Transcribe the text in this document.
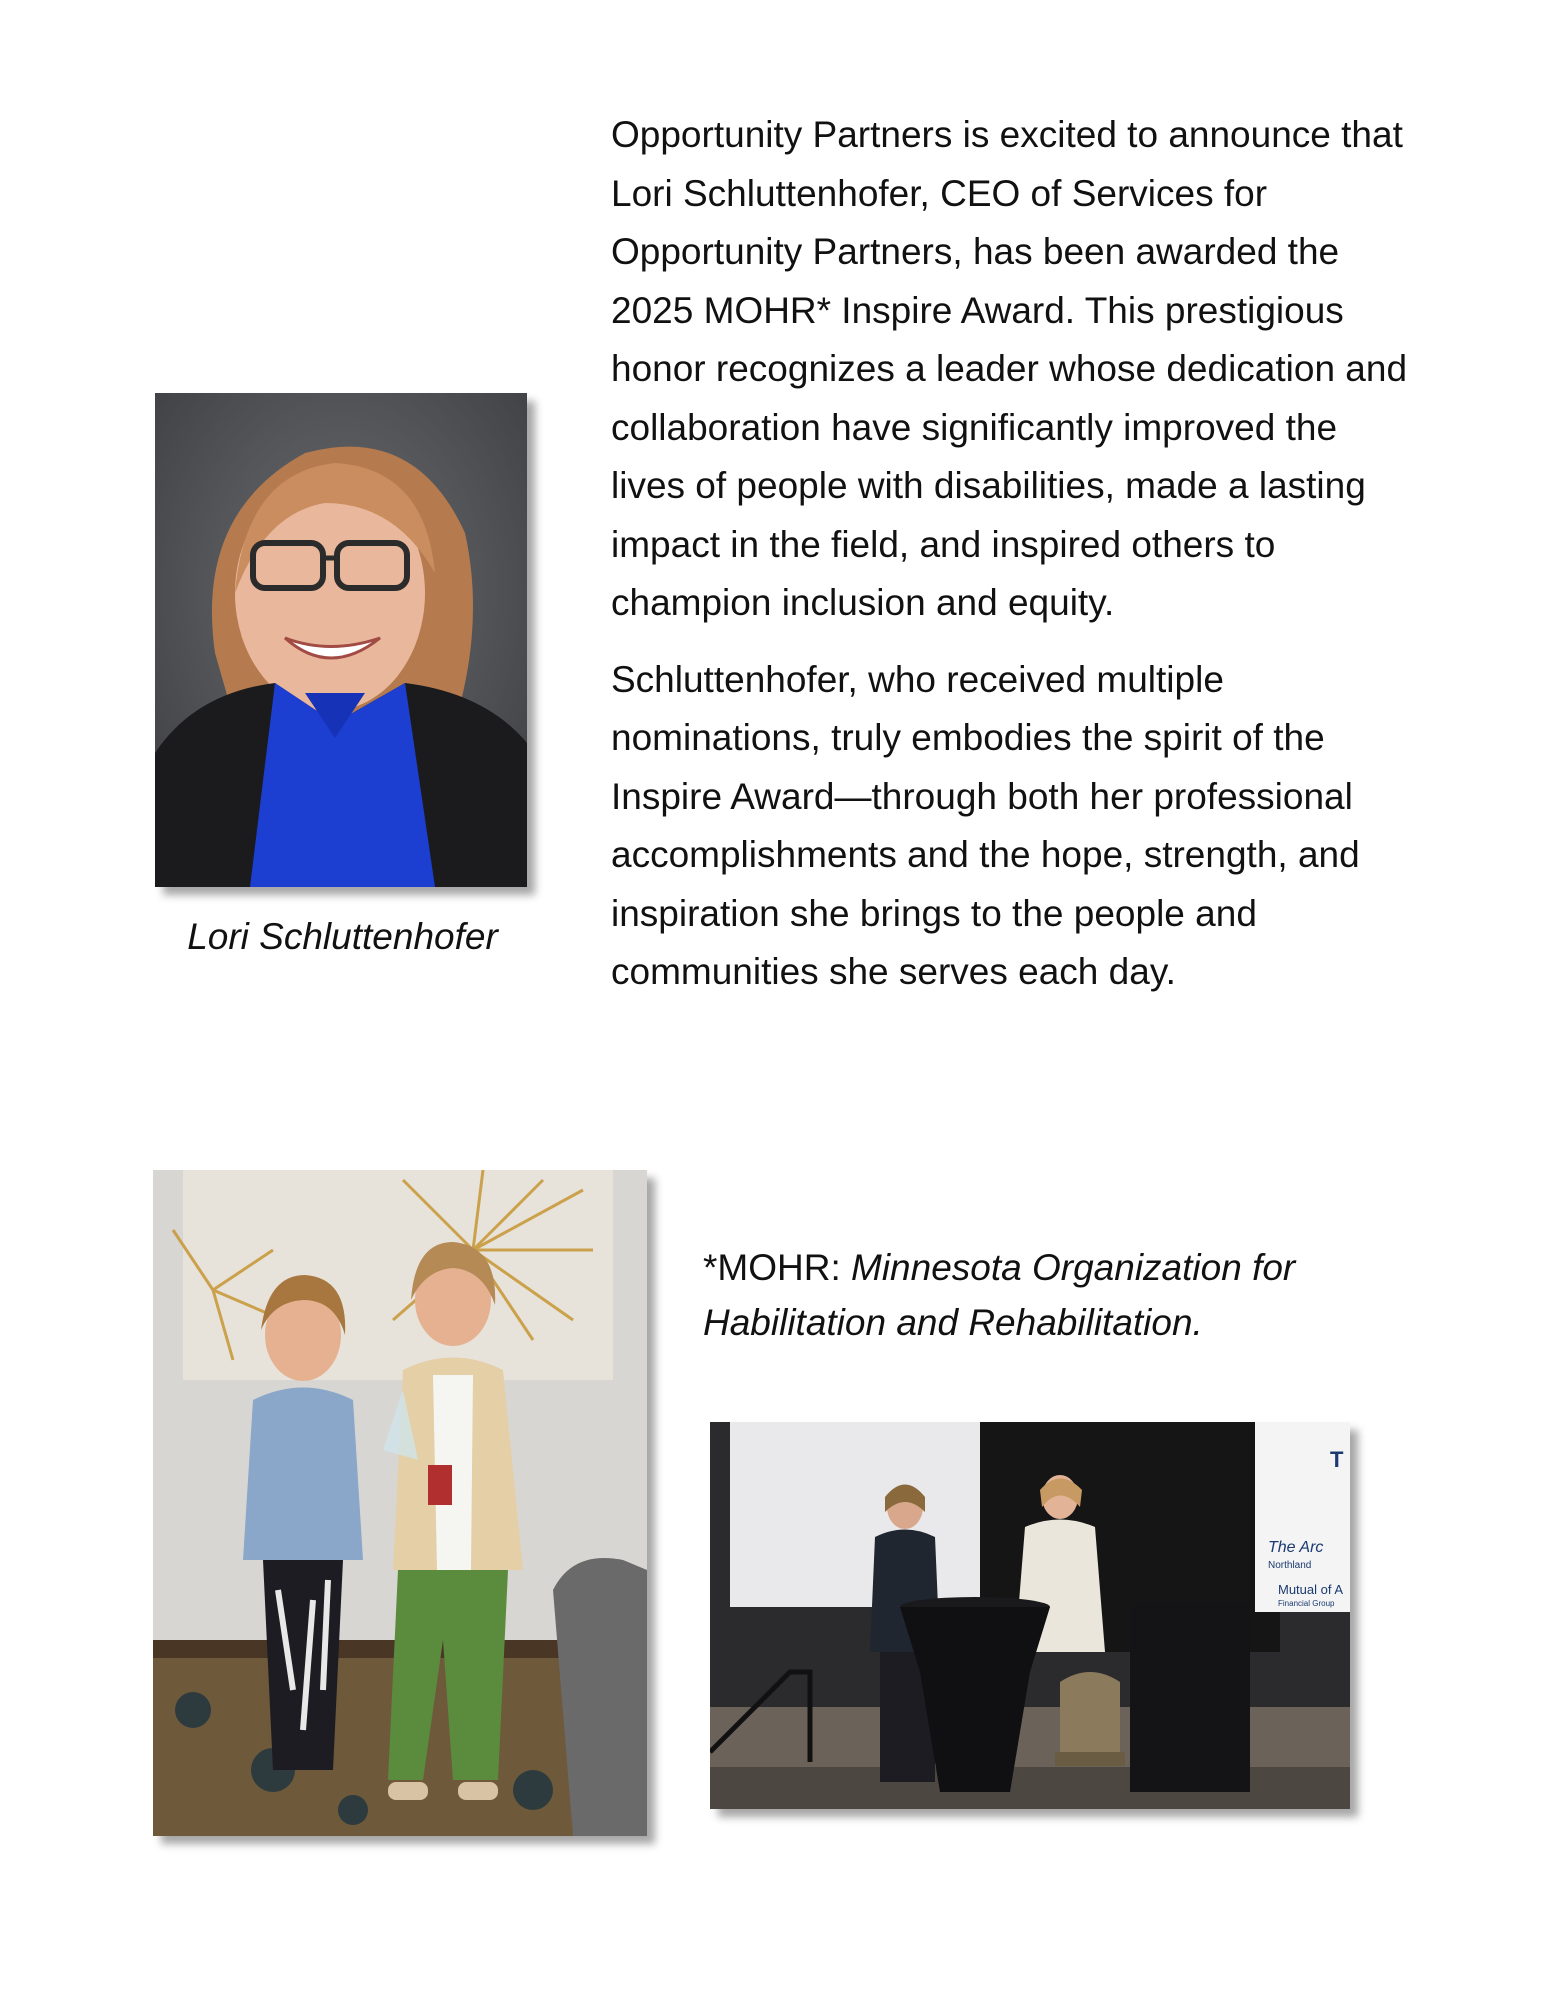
Opportunity Partners is excited to announce that Lori Schluttenhofer, CEO of Services for Opportunity Partners, has been awarded the 2025 MOHR* Inspire Award. This prestigious honor recognizes a leader whose dedication and collaboration have significantly improved the lives of people with disabilities, made a lasting impact in the field, and inspired others to champion inclusion and equity.

Schluttenhofer, who received multiple nominations, truly embodies the spirit of the Inspire Award—through both her professional accomplishments and the hope, strength, and inspiration she brings to the people and communities she serves each day.

Lori Schluttenhofer
*MOHR: Minnesota Organization for Habilitation and Rehabilitation.
The Arc
Northland
Mutual of A
Financial Group
T
